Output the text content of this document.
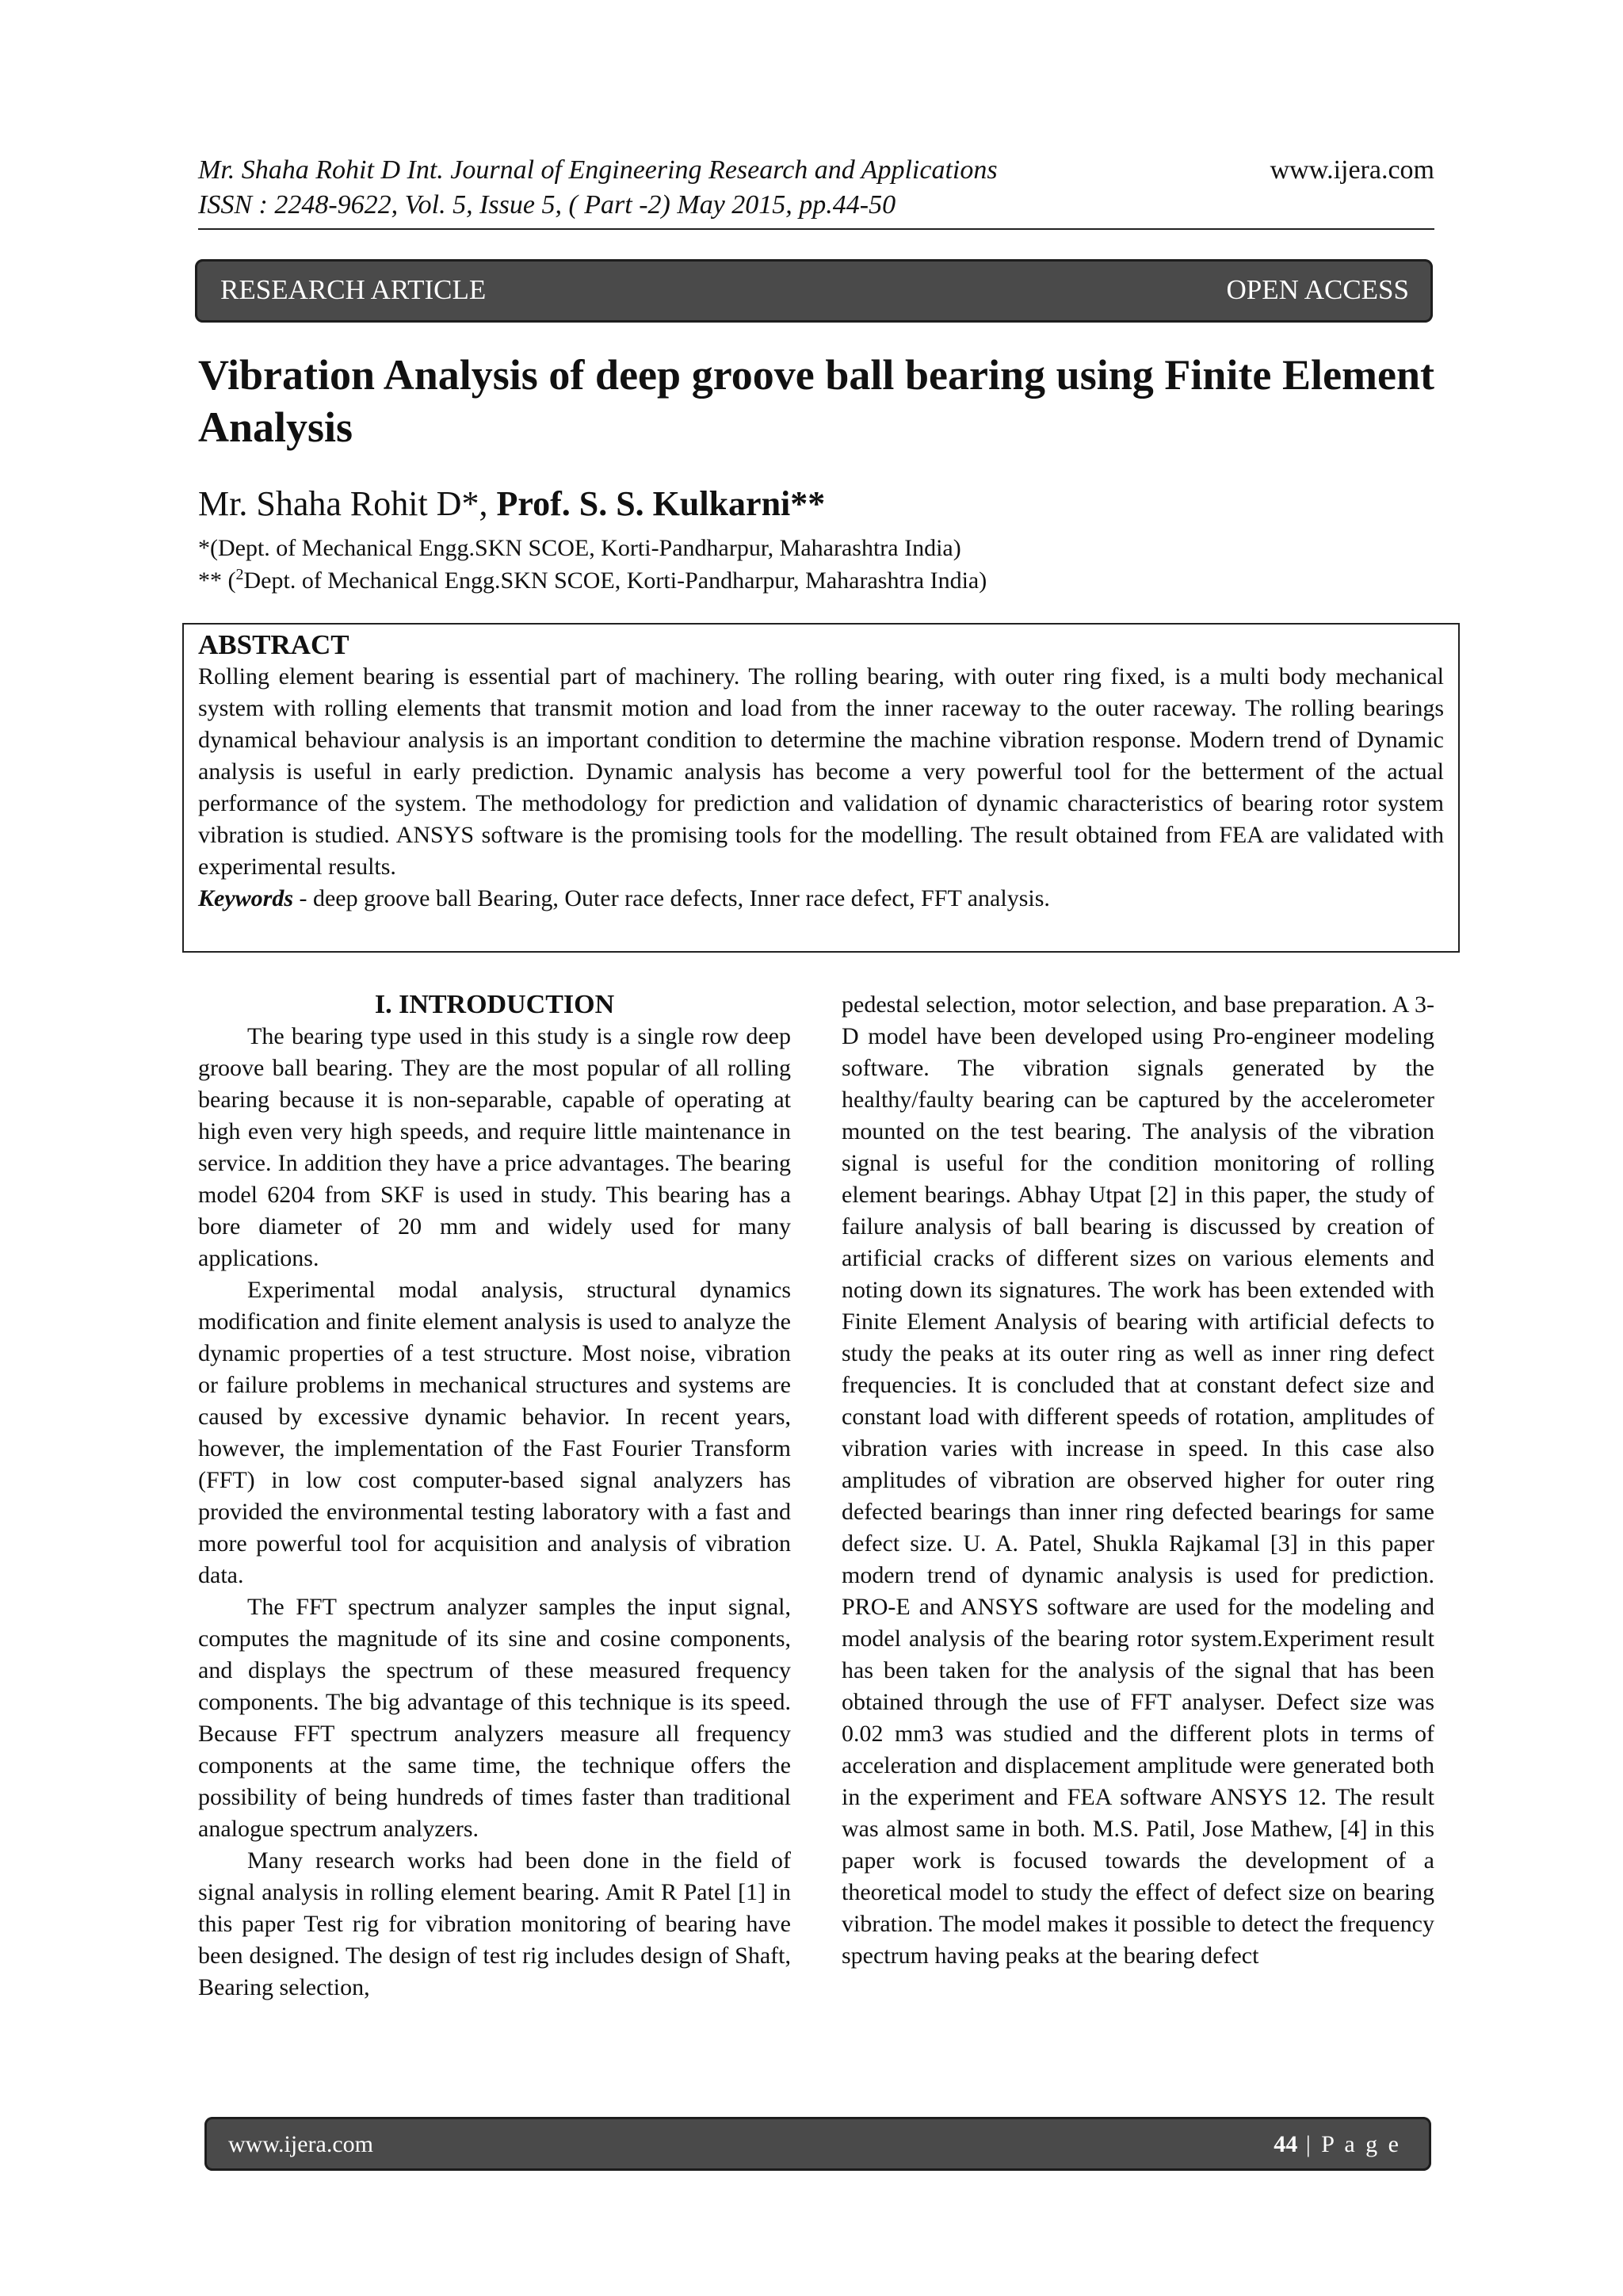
Mr. Shaha Rohit D Int. Journal of Engineering Research and Applications
ISSN : 2248-9622, Vol. 5, Issue 5, ( Part -2) May 2015, pp.44-50
www.ijera.com
RESEARCH ARTICLE	OPEN ACCESS
Vibration Analysis of deep groove ball bearing using Finite Element Analysis
Mr. Shaha Rohit D*, Prof. S. S. Kulkarni**
*(Dept. of Mechanical Engg.SKN SCOE, Korti-Pandharpur, Maharashtra India)
** ($^2$Dept. of Mechanical Engg.SKN SCOE, Korti-Pandharpur, Maharashtra India)
ABSTRACT
Rolling element bearing is essential part of machinery. The rolling bearing, with outer ring fixed, is a multi body mechanical system with rolling elements that transmit motion and load from the inner raceway to the outer raceway. The rolling bearings dynamical behaviour analysis is an important condition to determine the machine vibration response. Modern trend of Dynamic analysis is useful in early prediction. Dynamic analysis has become a very powerful tool for the betterment of the actual performance of the system. The methodology for prediction and validation of dynamic characteristics of bearing rotor system vibration is studied. ANSYS software is the promising tools for the modelling. The result obtained from FEA are validated with experimental results.
Keywords - deep groove ball Bearing, Outer race defects, Inner race defect, FFT analysis.
I. INTRODUCTION

The bearing type used in this study is a single row deep groove ball bearing. They are the most popular of all rolling bearing because it is non-separable, capable of operating at high even very high speeds, and require little maintenance in service. In addition they have a price advantages. The bearing model 6204 from SKF is used in study. This bearing has a bore diameter of 20 mm and widely used for many applications.

Experimental modal analysis, structural dynamics modification and finite element analysis is used to analyze the dynamic properties of a test structure. Most noise, vibration or failure problems in mechanical structures and systems are caused by excessive dynamic behavior. In recent years, however, the implementation of the Fast Fourier Transform (FFT) in low cost computer-based signal analyzers has provided the environmental testing laboratory with a fast and more powerful tool for acquisition and analysis of vibration data.

The FFT spectrum analyzer samples the input signal, computes the magnitude of its sine and cosine components, and displays the spectrum of these measured frequency components. The big advantage of this technique is its speed. Because FFT spectrum analyzers measure all frequency components at the same time, the technique offers the possibility of being hundreds of times faster than traditional analogue spectrum analyzers.

Many research works had been done in the field of signal analysis in rolling element bearing. Amit R Patel [1] in this paper Test rig for vibration monitoring of bearing have been designed. The design of test rig includes design of Shaft, Bearing selection,

pedestal selection, motor selection, and base preparation. A 3-D model have been developed using Pro-engineer modeling software. The vibration signals generated by the healthy/faulty bearing can be captured by the accelerometer mounted on the test bearing. The analysis of the vibration signal is useful for the condition monitoring of rolling element bearings. Abhay Utpat [2] in this paper, the study of failure analysis of ball bearing is discussed by creation of artificial cracks of different sizes on various elements and noting down its signatures. The work has been extended with Finite Element Analysis of bearing with artificial defects to study the peaks at its outer ring as well as inner ring defect frequencies. It is concluded that at constant defect size and constant load with different speeds of rotation, amplitudes of vibration varies with increase in speed. In this case also amplitudes of vibration are observed higher for outer ring defected bearings than inner ring defected bearings for same defect size. U. A. Patel, Shukla Rajkamal [3] in this paper modern trend of dynamic analysis is used for prediction. PRO-E and ANSYS software are used for the modeling and model analysis of the bearing rotor system.Experiment result has been taken for the analysis of the signal that has been obtained through the use of FFT analyser. Defect size was 0.02 mm3 was studied and the different plots in terms of acceleration and displacement amplitude were generated both in the experiment and FEA software ANSYS 12. The result was almost same in both. M.S. Patil, Jose Mathew, [4] in this paper work is focused towards the development of a theoretical model to study the effect of defect size on bearing vibration. The model makes it possible to detect the frequency spectrum having peaks at the bearing defect

www.ijera.com	44 | P a g e
